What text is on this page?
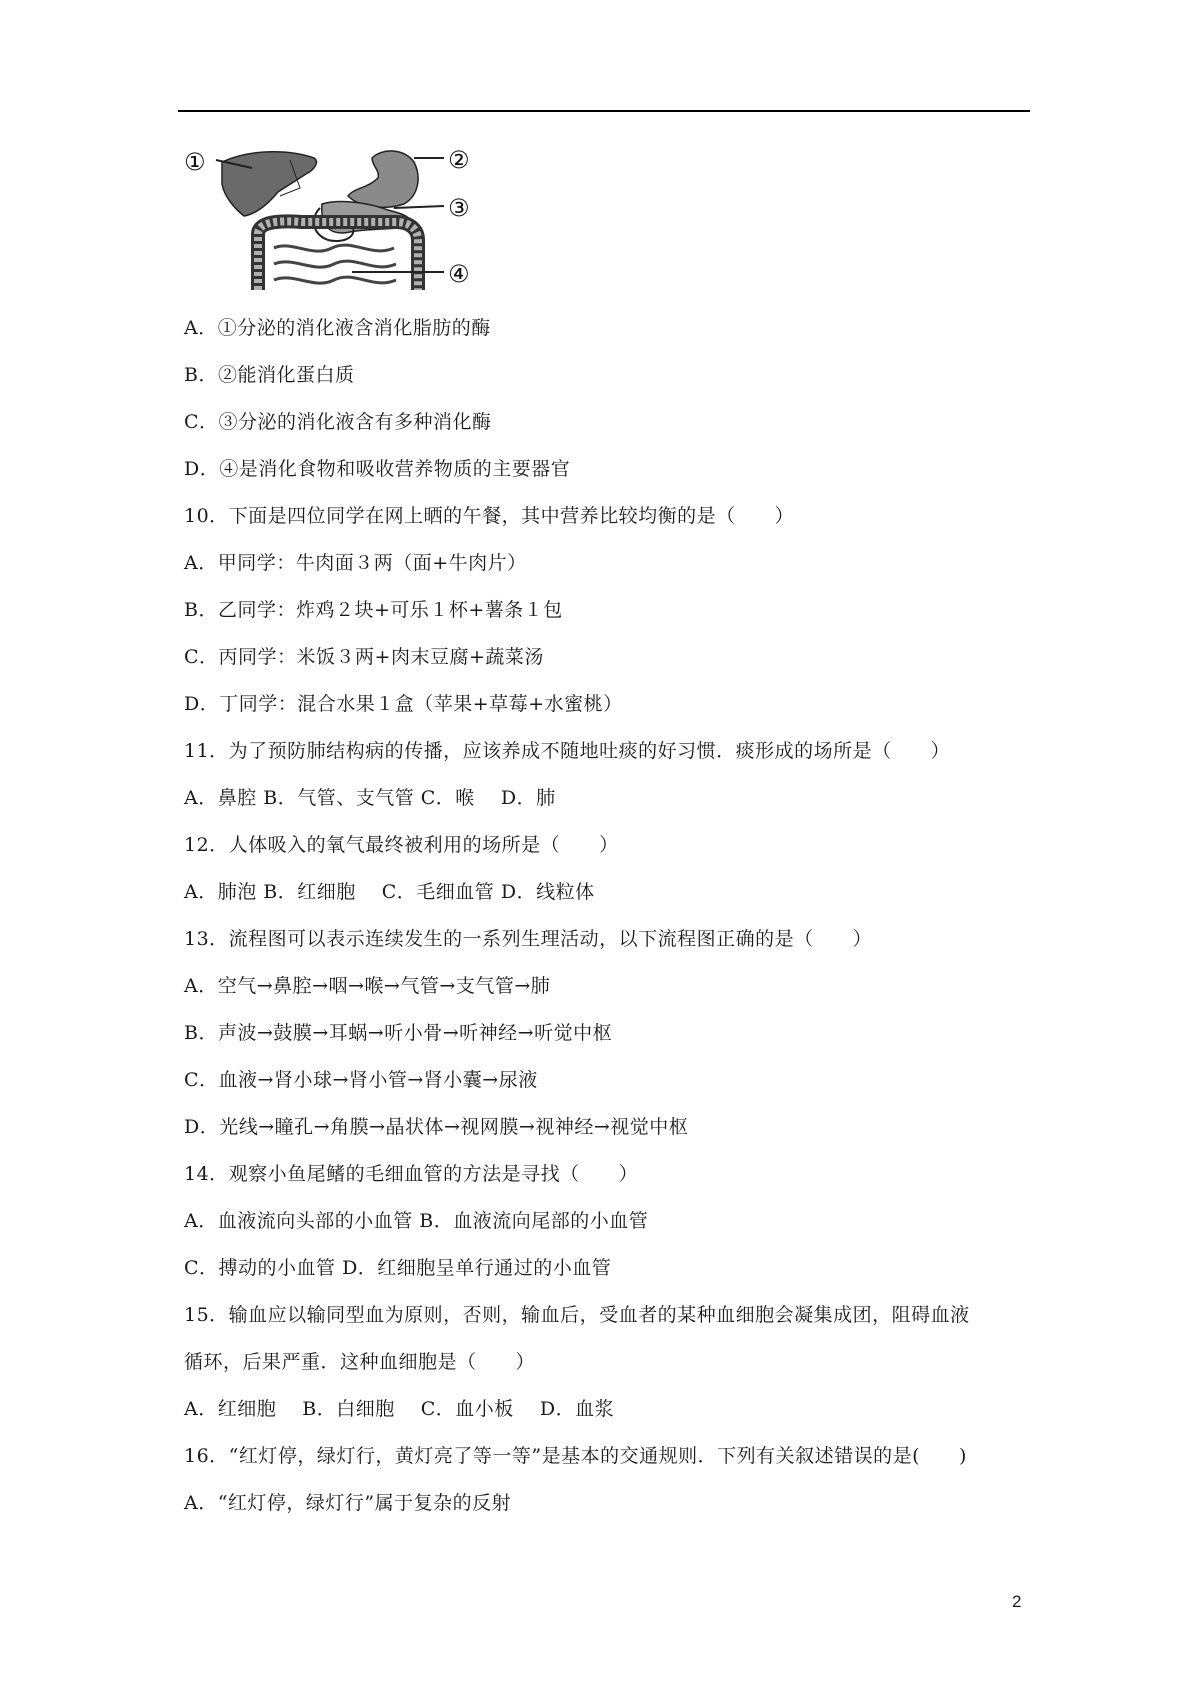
①	②
③
④
A．①分泌的消化液含消化脂肪的酶
B．②能消化蛋白质
C．③分泌的消化液含有多种消化酶
D．④是消化食物和吸收营养物质的主要器官
10．下面是四位同学在网上晒的午餐，其中营养比较均衡的是（　　）
A．甲同学：牛肉面３两（面+牛肉片）
B．乙同学：炸鸡２块+可乐１杯+薯条１包
C．丙同学：米饭３两+肉末豆腐+蔬菜汤
D．丁同学：混合水果１盒（苹果+草莓+水蜜桃）
11．为了预防肺结构病的传播，应该养成不随地吐痰的好习惯．痰形成的场所是（　　）
A．鼻腔 B．气管、支气管 C．喉　 D．肺
12．人体吸入的氧气最终被利用的场所是（　　）
A．肺泡 B．红细胞　 C．毛细血管 D．线粒体
13．流程图可以表示连续发生的一系列生理活动，以下流程图正确的是（　　）
A．空气→鼻腔→咽→喉→气管→支气管→肺
B．声波→鼓膜→耳蜗→听小骨→听神经→听觉中枢
C．血液→肾小球→肾小管→肾小囊→尿液
D．光线→瞳孔→角膜→晶状体→视网膜→视神经→视觉中枢
14．观察小鱼尾鳍的毛细血管的方法是寻找（　　）
A．血液流向头部的小血管 B．血液流向尾部的小血管
C．搏动的小血管 D．红细胞呈单行通过的小血管
15．输血应以输同型血为原则，否则，输血后，受血者的某种血细胞会凝集成团，阻碍血液
循环，后果严重．这种血细胞是（　　）
A．红细胞　 B．白细胞　 C．血小板　 D．血浆
16．“红灯停，绿灯行，黄灯亮了等一等”是基本的交通规则．下列有关叙述错误的是(　　)
A．“红灯停，绿灯行”属于复杂的反射
2
